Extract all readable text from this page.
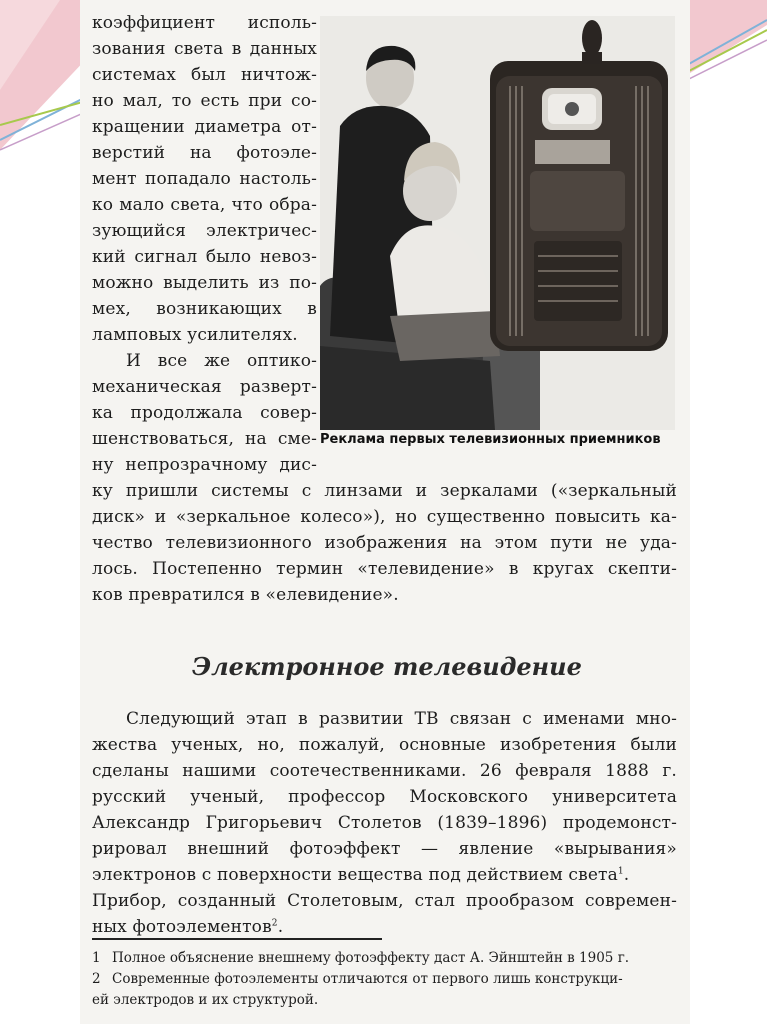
коэффициент исполь-
зования света в данных
системах был ничтож-
но мал, то есть при со-
кращении диаметра от-
верстий на фотоэле-
мент попадало настоль-
ко мало света, что обра-
зующийся электричес-
кий сигнал было невоз-
можно выделить из по-
мех, возникающих в
ламповых усилителях.
И все же оптико-
механическая разверт-
ка продолжала совер-
шенствоваться, на сме-
ну непрозрачному дис-
Реклама первых телевизионных приемников
ку пришли системы с линзами и зеркалами («зеркальный
диск» и «зеркальное колесо»), но существенно повысить ка-
чество телевизионного изображения на этом пути не уда-
лось. Постепенно термин «телевидение» в кругах скепти-
ков превратился в «елевидение».
Электронное телевидение
Следующий этап в развитии ТВ связан с именами мно-
жества ученых, но, пожалуй, основные изобретения были
сделаны нашими соотечественниками. 26 февраля 1888 г.
русский ученый, профессор Московского университета
Александр Григорьевич Столетов (1839–1896) продемонст-
рировал внешний фотоэффект — явление «вырывания»
электронов с поверхности вещества под действием света$^1$.
Прибор, созданный Столетовым, стал прообразом современ-
ных фотоэлементов$^2$.
1 Полное объяснение внешнему фотоэффекту даст А. Эйнштейн в 1905 г.
2 Современные фотоэлементы отличаются от первого лишь конструкци-
ей электродов и их структурой.
